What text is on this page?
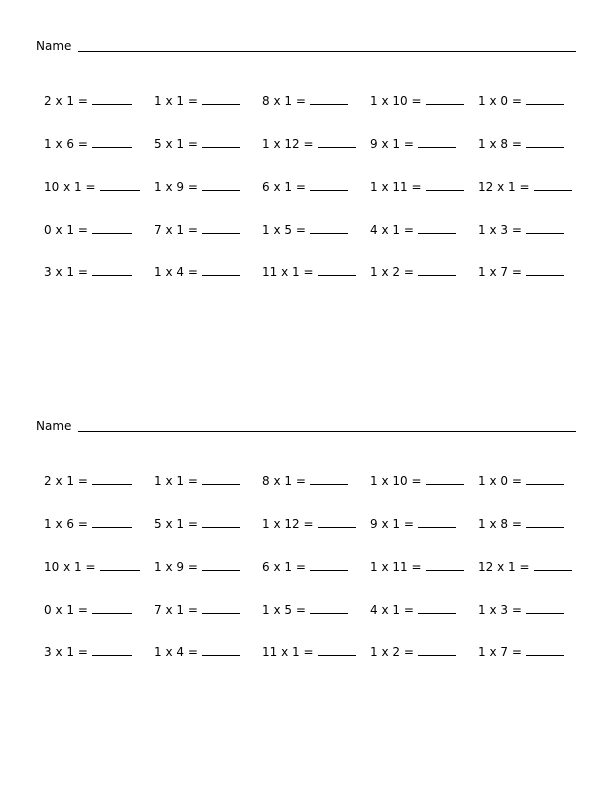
Name
2 x 1 =	1 x 1 =	8 x 1 =	1 x 10 =	1 x 0 =
1 x 6 =	5 x 1 =	1 x 12 =	9 x 1 =	1 x 8 =
10 x 1 =	1 x 9 =	6 x 1 =	1 x 11 =	12 x 1 =
0 x 1 =	7 x 1 =	1 x 5 =	4 x 1 =	1 x 3 =
3 x 1 =	1 x 4 =	11 x 1 =	1 x 2 =	1 x 7 =
Name
2 x 1 =	1 x 1 =	8 x 1 =	1 x 10 =	1 x 0 =
1 x 6 =	5 x 1 =	1 x 12 =	9 x 1 =	1 x 8 =
10 x 1 =	1 x 9 =	6 x 1 =	1 x 11 =	12 x 1 =
0 x 1 =	7 x 1 =	1 x 5 =	4 x 1 =	1 x 3 =
3 x 1 =	1 x 4 =	11 x 1 =	1 x 2 =	1 x 7 =
